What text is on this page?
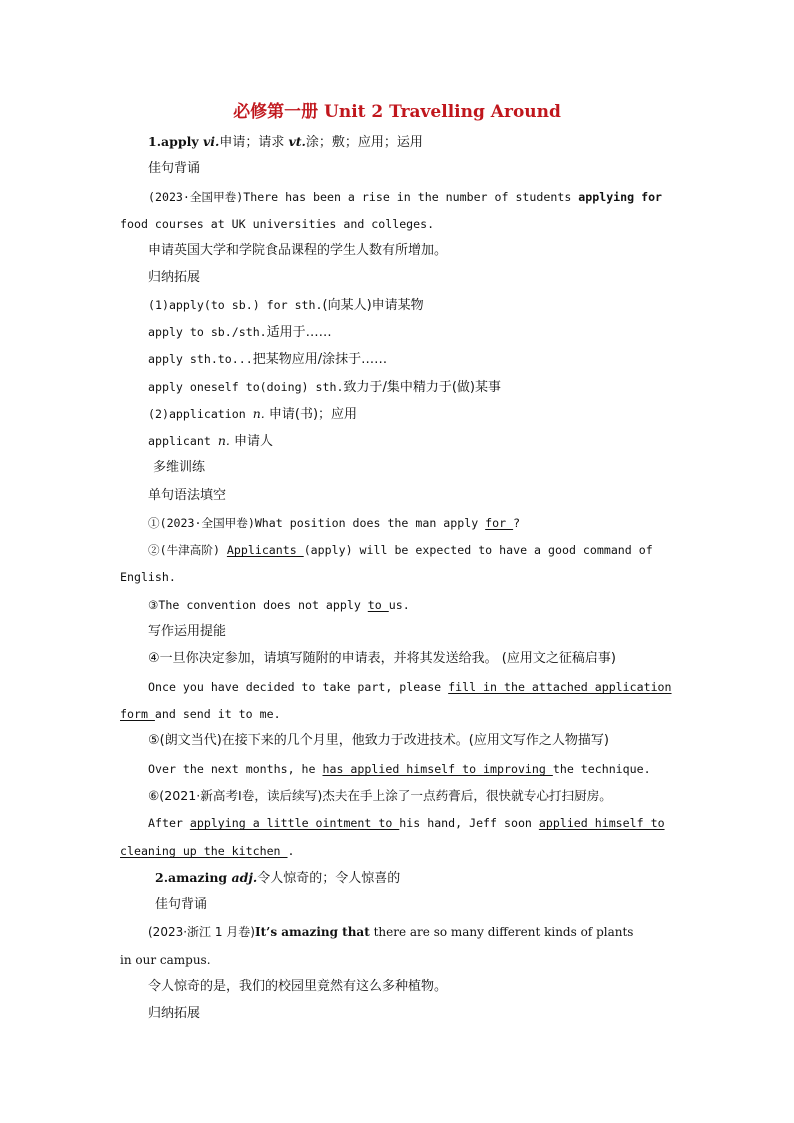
必修第一册 Unit 2 Travelling Around
1.apply vi.申请；请求 vt.涂；敷；应用；运用
佳句背诵
(2023·全国甲卷)There has been a rise in the number of students applying for
food courses at UK universities and colleges.
申请英国大学和学院食品课程的学生人数有所增加。
归纳拓展
(1)apply(to sb.) for sth.(向某人)申请某物
apply to sb./sth.适用于……
apply sth.to...把某物应用/涂抹于……
apply oneself to(doing) sth.致力于/集中精力于(做)某事
(2)application n. 申请(书)；应用
applicant n. 申请人
多维训练
单句语法填空
①(2023·全国甲卷)What position does the man apply for ?
②(牛津高阶) Applicants (apply) will be expected to have a good command of
English.
③The convention does not apply to us.
写作运用提能
④一旦你决定参加，请填写随附的申请表，并将其发送给我。 (应用文之征稿启事)
Once you have decided to take part, please fill in the attached application
form and send it to me.
⑤(朗文当代)在接下来的几个月里，他致力于改进技术。(应用文写作之人物描写)
Over the next months, he has applied himself to improving the technique.
⑥(2021·新高考Ⅰ卷，读后续写)杰夫在手上涂了一点药膏后，很快就专心打扫厨房。
After applying a little ointment to his hand, Jeff soon applied himself to
cleaning up the kitchen .
2.amazing adj.令人惊奇的；令人惊喜的
佳句背诵
(2023·浙江 1 月卷)It’s amazing that there are so many different kinds of plants
in our campus.
令人惊奇的是，我们的校园里竟然有这么多种植物。
归纳拓展
